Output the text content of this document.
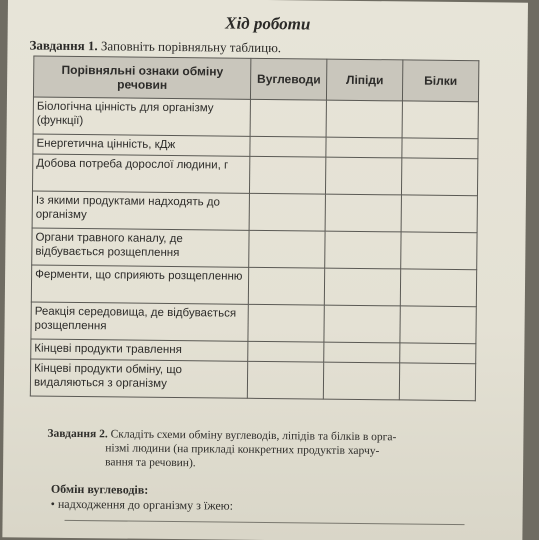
Хід роботи
Завдання 1. Заповніть порівняльну таблицю.
Порівняльні ознаки обміну речовин	Вуглеводи	Ліпіди	Білки
Біологічна цінність для організму (функції)			
Енергетична цінність, кДж			
Добова потреба дорослої людини, г			
Із якими продуктами надходять до організму			
Органи травного каналу, де відбувається розщеплення			
Ферменти, що сприяють розщепленню			
Реакція середовища, де відбувається розщеплення			
Кінцеві продукти травлення			
Кінцеві продукти обміну, що видаляються з організму			
Завдання 2. Складіть схеми обміну вуглеводів, ліпідів та білків в орга-
нізмі людини (на прикладі конкретних продуктів харчу-
вання та речовин).
Обмін вуглеводів:
• надходження до організму з їжею:
